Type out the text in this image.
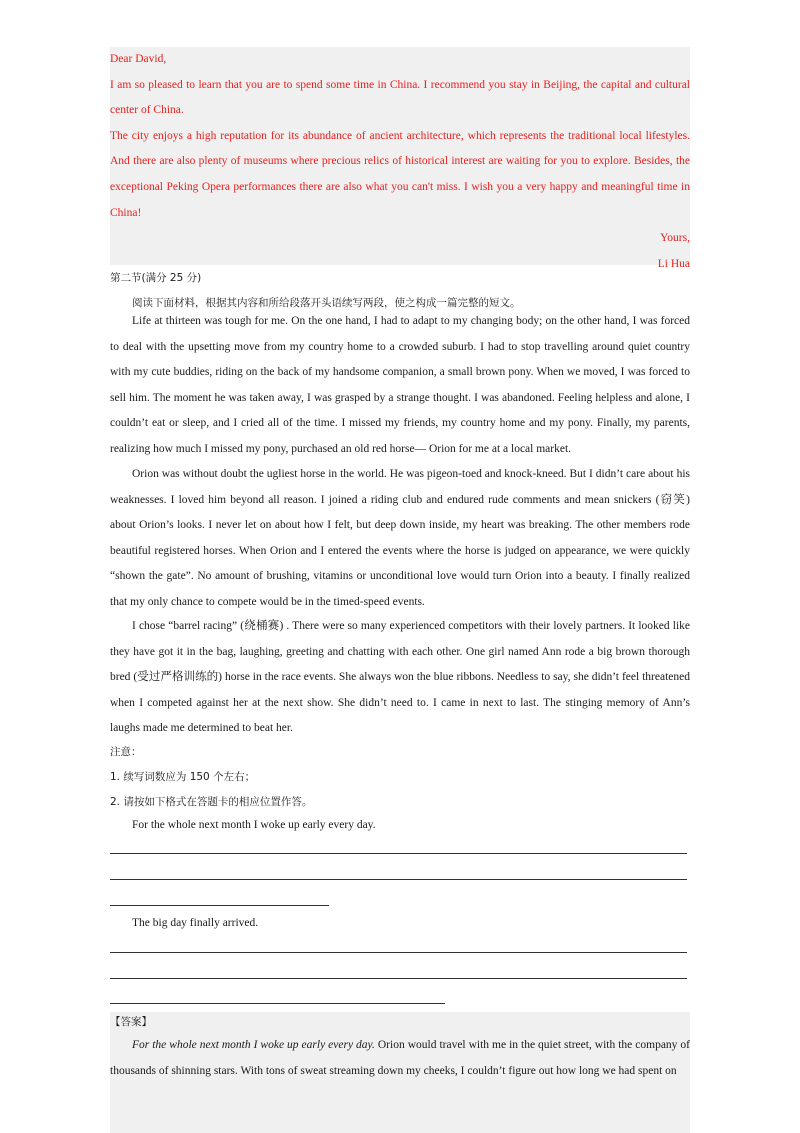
Dear David,
I am so pleased to learn that you are to spend some time in China. I recommend you stay in Beijing, the capital and cultural center of China.
The city enjoys a high reputation for its abundance of ancient architecture, which represents the traditional local lifestyles. And there are also plenty of museums where precious relics of historical interest are waiting for you to explore. Besides, the exceptional Peking Opera performances there are also what you can't miss. I wish you a very happy and meaningful time in China!
Yours,
Li Hua
第二节(满分 25 分)
阅读下面材料，根据其内容和所给段落开头语续写两段，使之构成一篇完整的短文。
Life at thirteen was tough for me. On the one hand, I had to adapt to my changing body; on the other hand, I was forced to deal with the upsetting move from my country home to a crowded suburb. I had to stop travelling around quiet country with my cute buddies, riding on the back of my handsome companion, a small brown pony. When we moved, I was forced to sell him. The moment he was taken away, I was grasped by a strange thought. I was abandoned. Feeling helpless and alone, I couldn’t eat or sleep, and I cried all of the time. I missed my friends, my country home and my pony. Finally, my parents, realizing how much I missed my pony, purchased an old red horse— Orion for me at a local market.
Orion was without doubt the ugliest horse in the world. He was pigeon-toed and knock-kneed. But I didn’t care about his weaknesses. I loved him beyond all reason. I joined a riding club and endured rude comments and mean snickers (窃笑) about Orion’s looks. I never let on about how I felt, but deep down inside, my heart was breaking. The other members rode beautiful registered horses. When Orion and I entered the events where the horse is judged on appearance, we were quickly “shown the gate”. No amount of brushing, vitamins or unconditional love would turn Orion into a beauty. I finally realized that my only chance to compete would be in the timed-speed events.
I chose “barrel racing” (绕桶赛) . There were so many experienced competitors with their lovely partners. It looked like they have got it in the bag, laughing, greeting and chatting with each other. One girl named Ann rode a big brown thorough bred (受过严格训练的) horse in the race events. She always won the blue ribbons. Needless to say, she didn’t feel threatened when I competed against her at the next show. She didn’t need to. I came in next to last. The stinging memory of Ann’s laughs made me determined to beat her.
注意：
1. 续写词数应为 150 个左右；
2. 请按如下格式在答题卡的相应位置作答。
For the whole next month I woke up early every day.
The big day finally arrived.
【答案】
For the whole next month I woke up early every day. Orion would travel with me in the quiet street, with the company of thousands of shinning stars. With tons of sweat streaming down my cheeks, I couldn’t figure out how long we had spent on
